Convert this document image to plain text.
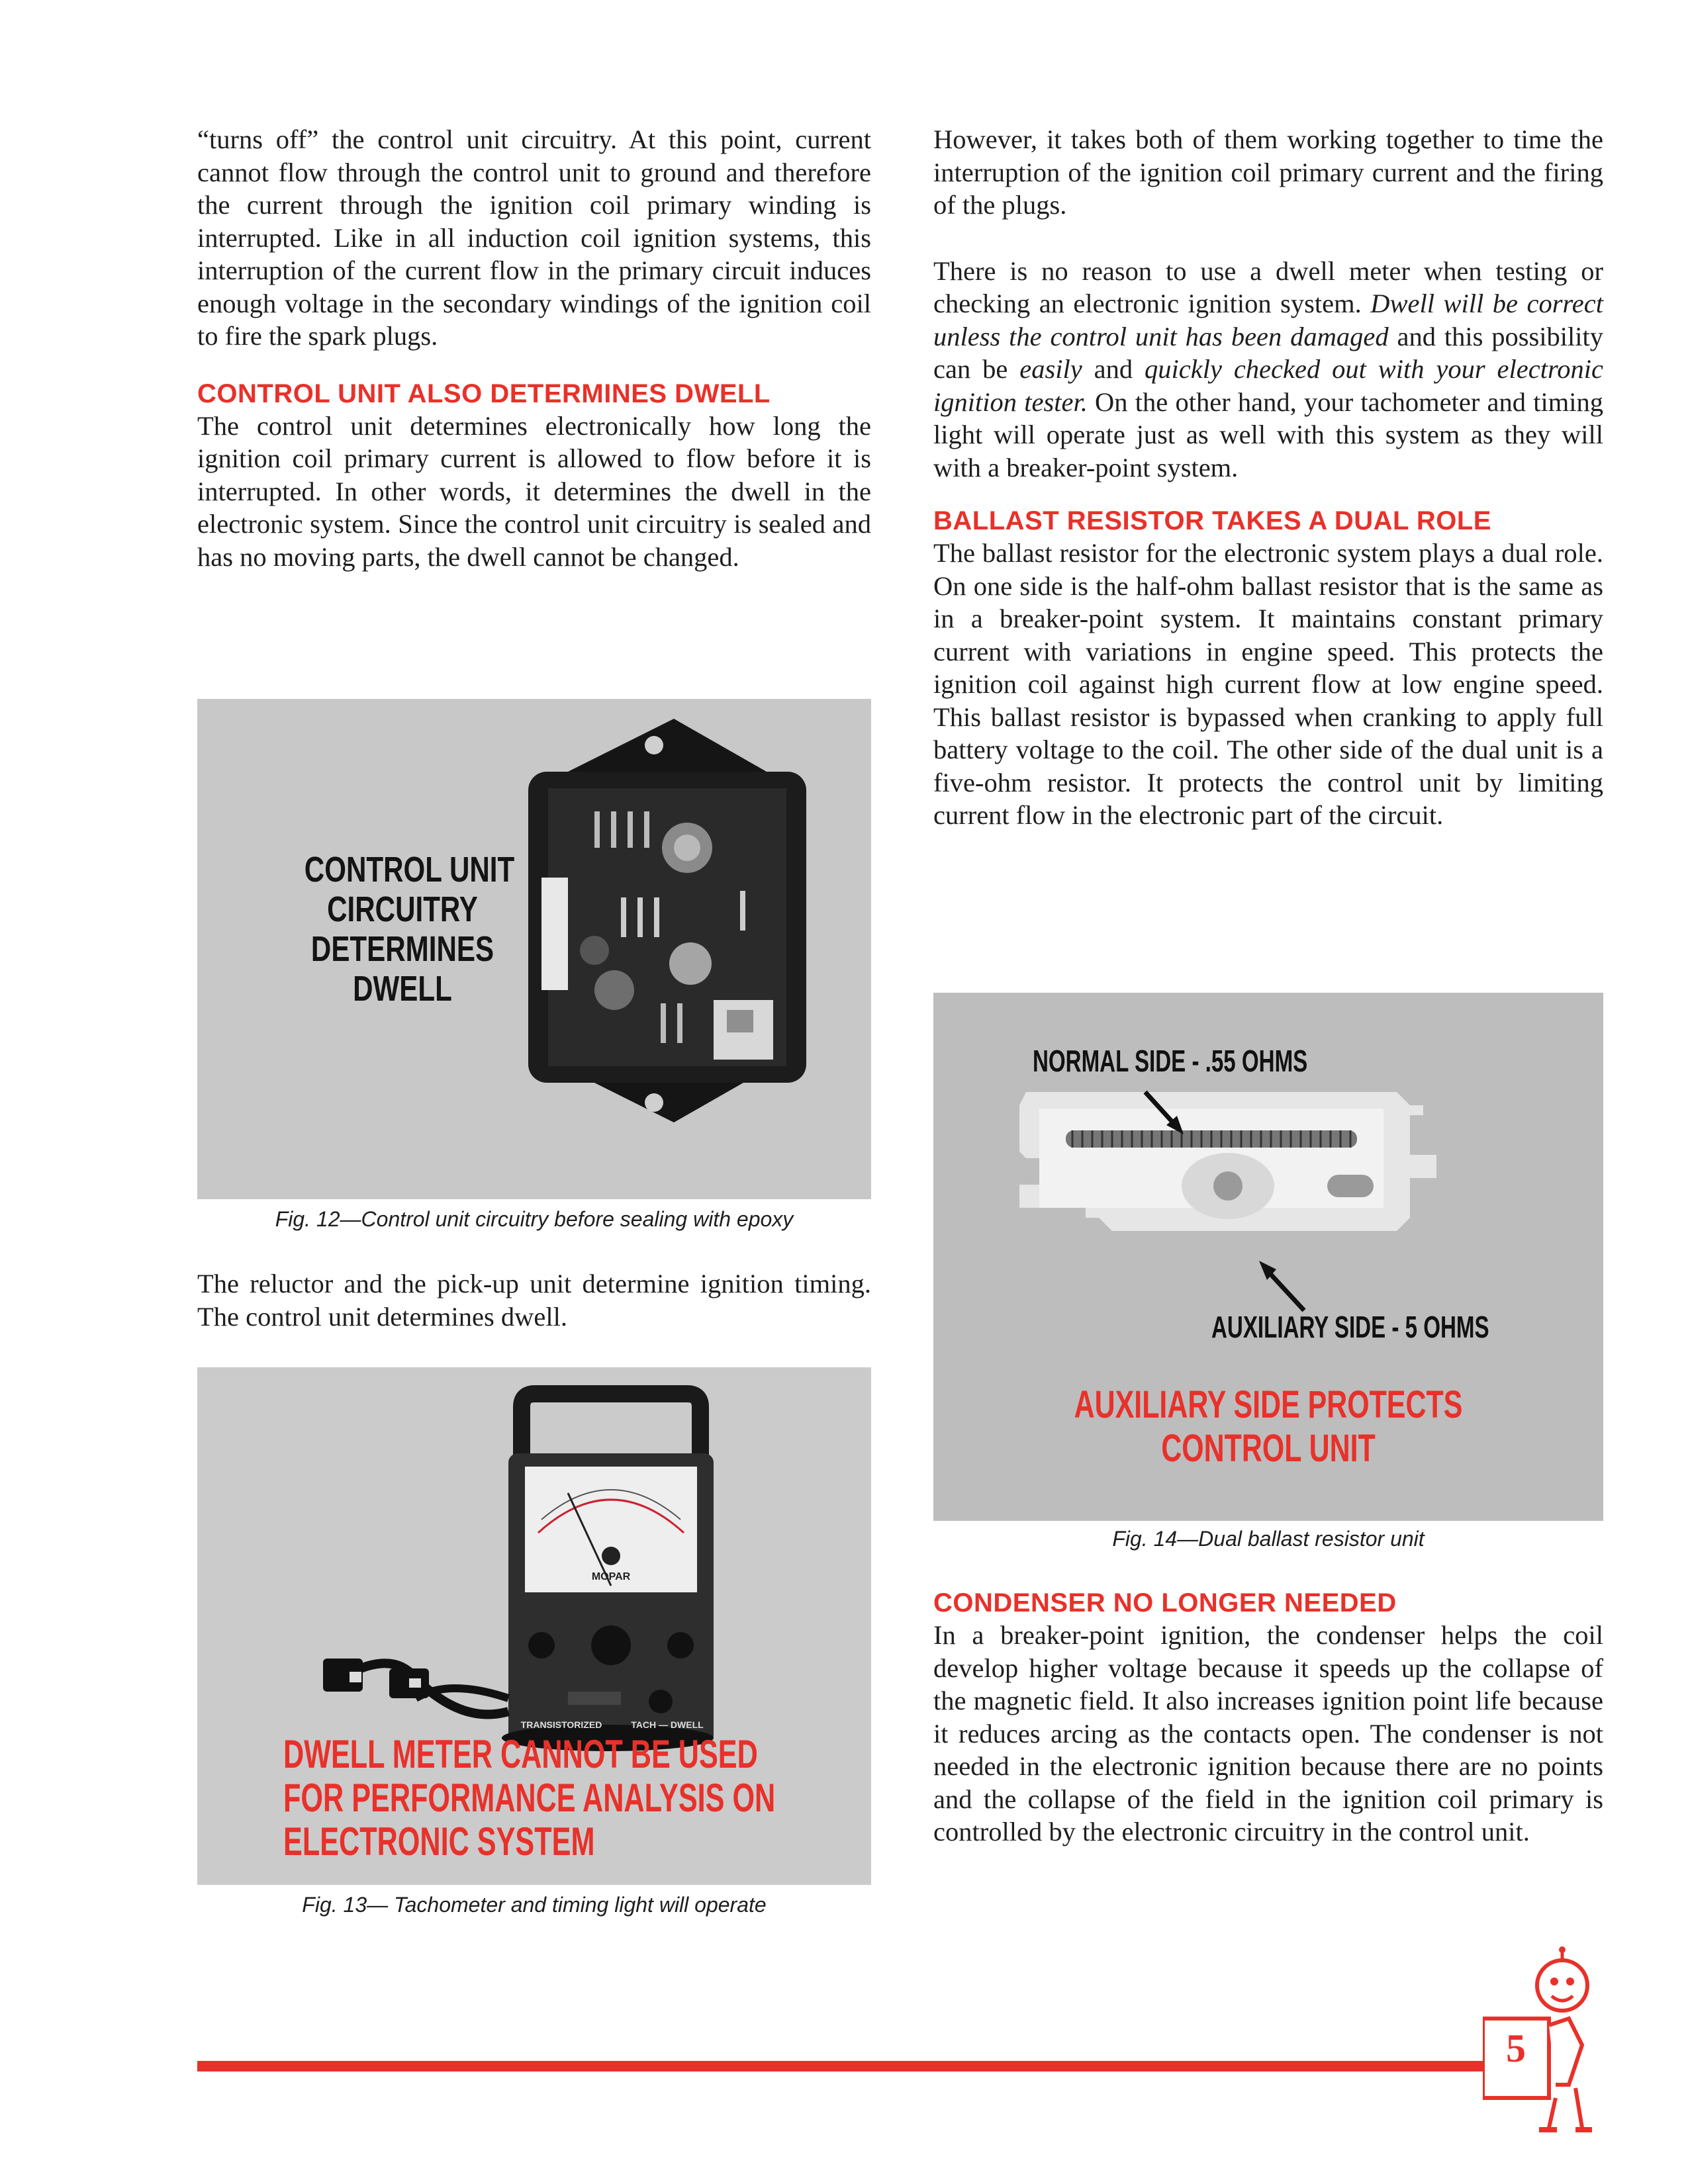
“turns off” the control unit circuitry. At this point, current cannot flow through the control unit to ground and therefore the current through the ignition coil primary winding is interrupted. Like in all induction coil ignition systems, this interruption of the current flow in the primary circuit induces enough voltage in the secondary windings of the ignition coil to fire the spark plugs.

CONTROL UNIT ALSO DETERMINES DWELL

The control unit determines electronically how long the ignition coil primary current is allowed to flow before it is interrupted. In other words, it determines the dwell in the electronic system. Since the control unit circuitry is sealed and has no moving parts, the dwell cannot be changed.

CONTROL UNIT
CIRCUITRY
DETERMINES
DWELL
Fig. 12—Control unit circuitry before sealing with epoxy

The reluctor and the pick-up unit determine ignition timing. The control unit determines dwell.

MOPAR
TRANSISTORIZED	TACH — DWELL
DWELL METER CANNOT BE USED
FOR PERFORMANCE ANALYSIS ON
ELECTRONIC SYSTEM
Fig. 13— Tachometer and timing light will operate

However, it takes both of them working together to time the interruption of the ignition coil primary current and the firing of the plugs.

There is no reason to use a dwell meter when testing or checking an electronic ignition system. Dwell will be correct unless the control unit has been damaged and this possibility can be easily and quickly checked out with your electronic ignition tester. On the other hand, your tachometer and timing light will operate just as well with this system as they will with a breaker-point system.

BALLAST RESISTOR TAKES A DUAL ROLE

The ballast resistor for the electronic system plays a dual role. On one side is the half-ohm ballast resistor that is the same as in a breaker-point system. It maintains constant primary current with variations in engine speed. This protects the ignition coil against high current flow at low engine speed. This ballast resistor is bypassed when cranking to apply full battery voltage to the coil. The other side of the dual unit is a five-ohm resistor. It protects the control unit by limiting current flow in the electronic part of the circuit.

NORMAL SIDE - .55 OHMS
AUXILIARY SIDE - 5 OHMS
AUXILIARY SIDE PROTECTS
CONTROL UNIT
Fig. 14—Dual ballast resistor unit

CONDENSER NO LONGER NEEDED

In a breaker-point ignition, the condenser helps the coil develop higher voltage because it speeds up the collapse of the magnetic field. It also increases ignition point life because it reduces arcing as the contacts open. The condenser is not needed in the electronic ignition because there are no points and the collapse of the field in the ignition coil primary is controlled by the electronic circuitry in the control unit.

5
